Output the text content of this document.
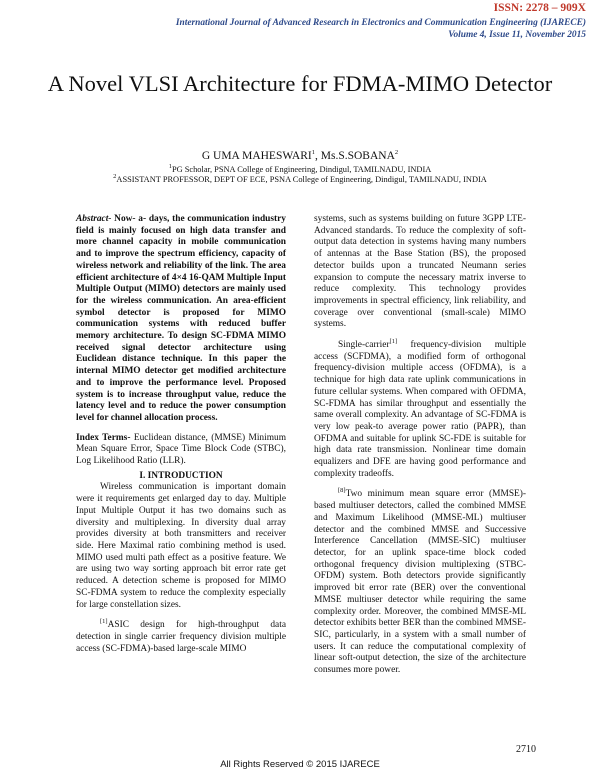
ISSN: 2278 – 909X
International Journal of Advanced Research in Electronics and Communication Engineering (IJARECE)
Volume 4, Issue 11, November 2015
A Novel VLSI Architecture for FDMA-MIMO Detector
G UMA MAHESWARI$^1$, Ms.S.SOBANA$^2$
$^1$PG Scholar, PSNA College of Engineering, Dindigul, TAMILNADU, INDIA
$^2$ASSISTANT PROFESSOR, DEPT OF ECE, PSNA College of Engineering, Dindigul, TAMILNADU, INDIA

Abstract- Now- a- days, the communication industry field is mainly focused on high data transfer and more channel capacity in mobile communication and to improve the spectrum efficiency, capacity of wireless network and reliability of the link. The area efficient architecture of 4×4 16-QAM Multiple Input Multiple Output (MIMO) detectors are mainly used for the wireless communication. An area-efficient symbol detector is proposed for MIMO communication systems with reduced buffer memory architecture. To design SC-FDMA MIMO received signal detector architecture using Euclidean distance technique. In this paper the internal MIMO detector get modified architecture and to improve the performance level. Proposed system is to increase throughput value, reduce the latency level and to reduce the power consumption level for channel allocation process.

Index Terms- Euclidean distance, (MMSE) Minimum Mean Square Error, Space Time Block Code (STBC), Log Likelihood Ratio (LLR).

I. INTRODUCTION

Wireless communication is important domain were it requirements get enlarged day to day. Multiple Input Multiple Output it has two domains such as diversity and multiplexing. In diversity dual array provides diversity at both transmitters and receiver side. Here Maximal ratio combining method is used. MIMO used multi path effect as a positive feature. We are using two way sorting approach bit error rate get reduced. A detection scheme is proposed for MIMO SC-FDMA system to reduce the complexity especially for large constellation sizes.

[1]ASIC design for high-throughput data detection in single carrier frequency division multiple access (SC-FDMA)-based large-scale MIMO

systems, such as systems building on future 3GPP LTE-Advanced standards. To reduce the complexity of soft-output data detection in systems having many numbers of antennas at the Base Station (BS), the proposed detector builds upon a truncated Neumann series expansion to compute the necessary matrix inverse to reduce complexity. This technology provides improvements in spectral efficiency, link reliability, and coverage over conventional (small-scale) MIMO systems.

Single-carrier[1] frequency-division multiple access (SCFDMA), a modified form of orthogonal frequency-division multiple access (OFDMA), is a technique for high data rate uplink communications in future cellular systems. When compared with OFDMA, SC-FDMA has similar throughput and essentially the same overall complexity. An advantage of SC-FDMA is very low peak-to average power ratio (PAPR), than OFDMA and suitable for uplink SC-FDE is suitable for high data rate transmission. Nonlinear time domain equalizers and DFE are having good performance and complexity tradeoffs.

[8]Two minimum mean square error (MMSE)-based multiuser detectors, called the combined MMSE and Maximum Likelihood (MMSE-ML) multiuser detector and the combined MMSE and Successive Interference Cancellation (MMSE-SIC) multiuser detector, for an uplink space-time block coded orthogonal frequency division multiplexing (STBC-OFDM) system. Both detectors provide significantly improved bit error rate (BER) over the conventional MMSE multiuser detector while requiring the same complexity order. Moreover, the combined MMSE-ML detector exhibits better BER than the combined MMSE-SIC, particularly, in a system with a small number of users. It can reduce the computational complexity of linear soft-output detection, the size of the architecture consumes more power.

2710
All Rights Reserved © 2015 IJARECE
